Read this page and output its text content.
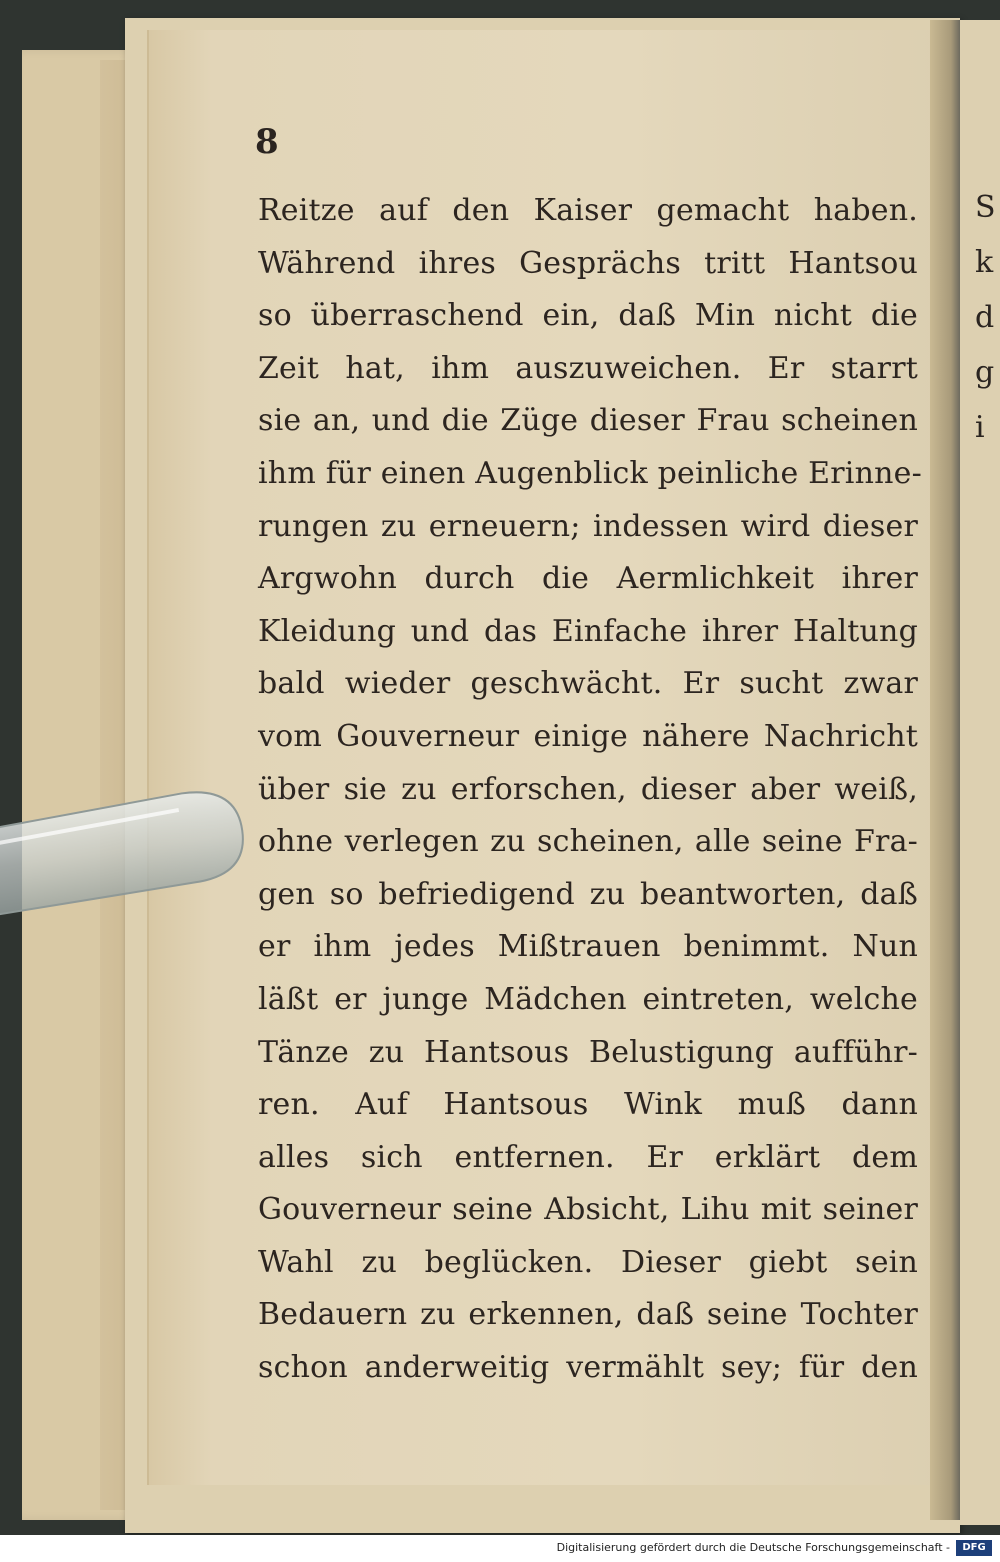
S
k
d
g
i
8
Reitze auf den Kaiser gemacht haben.
Während ihres Gesprächs tritt Hantsou
so überraschend ein, daß Min nicht die
Zeit hat, ihm auszuweichen. Er starrt
sie an, und die Züge dieser Frau scheinen
ihm für einen Augenblick peinliche Erinne-
rungen zu erneuern; indessen wird dieser
Argwohn durch die Aermlichkeit ihrer
Kleidung und das Einfache ihrer Haltung
bald wieder geschwächt. Er sucht zwar
vom Gouverneur einige nähere Nachricht
über sie zu erforschen, dieser aber weiß,
ohne verlegen zu scheinen, alle seine Fra-
gen so befriedigend zu beantworten, daß
er ihm jedes Mißtrauen benimmt. Nun
läßt er junge Mädchen eintreten, welche
Tänze zu Hantsous Belustigung aufführ-
ren. Auf Hantsous Wink muß dann
alles sich entfernen. Er erklärt dem
Gouverneur seine Absicht, Lihu mit seiner
Wahl zu beglücken. Dieser giebt sein
Bedauern zu erkennen, daß seine Tochter
schon anderweitig vermählt sey; für den
Digitalisierung gefördert durch die Deutsche Forschungsgemeinschaft -	DFG
